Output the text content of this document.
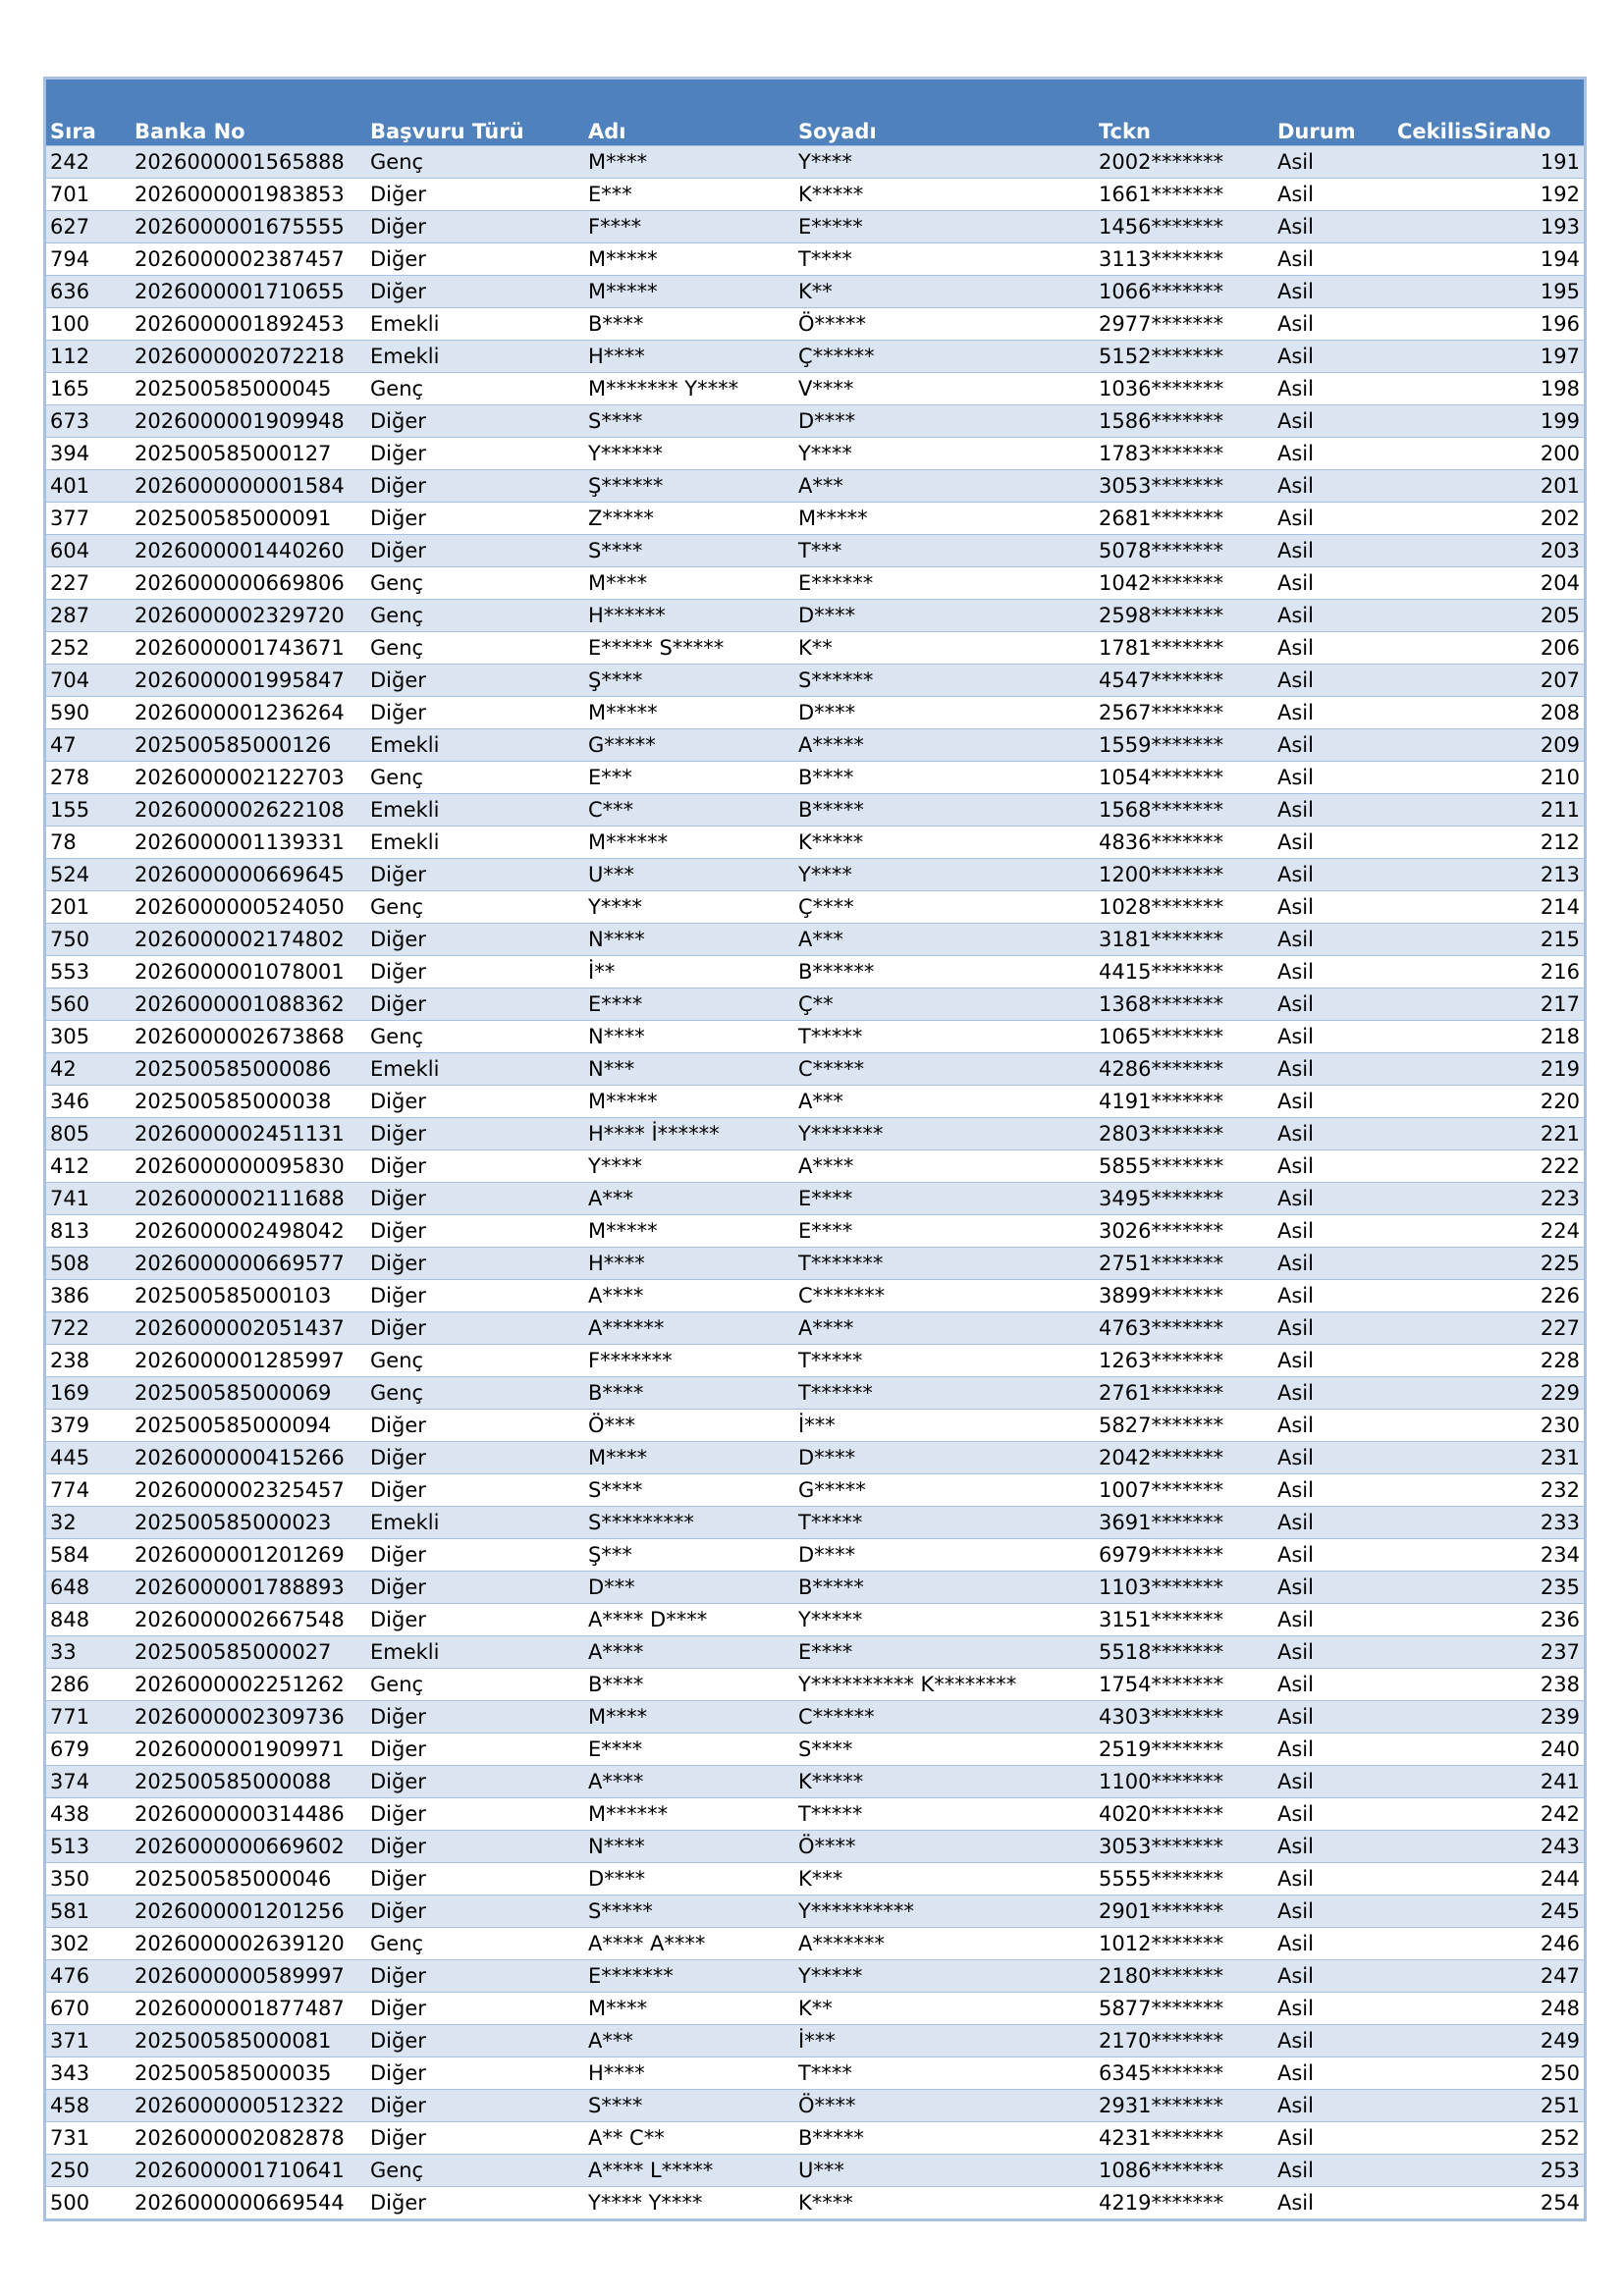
Sıra	Banka No	Başvuru Türü	Adı	Soyadı	Tckn	Durum	CekilisSiraNo
242	2026000001565888	Genç	M****	Y****	2002*******	Asil	191
701	2026000001983853	Diğer	E***	K*****	1661*******	Asil	192
627	2026000001675555	Diğer	F****	E*****	1456*******	Asil	193
794	2026000002387457	Diğer	M*****	T****	3113*******	Asil	194
636	2026000001710655	Diğer	M*****	K**	1066*******	Asil	195
100	2026000001892453	Emekli	B****	Ö*****	2977*******	Asil	196
112	2026000002072218	Emekli	H****	Ç******	5152*******	Asil	197
165	202500585000045	Genç	M******* Y****	V****	1036*******	Asil	198
673	2026000001909948	Diğer	S****	D****	1586*******	Asil	199
394	202500585000127	Diğer	Y******	Y****	1783*******	Asil	200
401	2026000000001584	Diğer	Ş******	A***	3053*******	Asil	201
377	202500585000091	Diğer	Z*****	M*****	2681*******	Asil	202
604	2026000001440260	Diğer	S****	T***	5078*******	Asil	203
227	2026000000669806	Genç	M****	E******	1042*******	Asil	204
287	2026000002329720	Genç	H******	D****	2598*******	Asil	205
252	2026000001743671	Genç	E***** S*****	K**	1781*******	Asil	206
704	2026000001995847	Diğer	Ş****	S******	4547*******	Asil	207
590	2026000001236264	Diğer	M*****	D****	2567*******	Asil	208
47	202500585000126	Emekli	G*****	A*****	1559*******	Asil	209
278	2026000002122703	Genç	E***	B****	1054*******	Asil	210
155	2026000002622108	Emekli	C***	B*****	1568*******	Asil	211
78	2026000001139331	Emekli	M******	K*****	4836*******	Asil	212
524	2026000000669645	Diğer	U***	Y****	1200*******	Asil	213
201	2026000000524050	Genç	Y****	Ç****	1028*******	Asil	214
750	2026000002174802	Diğer	N****	A***	3181*******	Asil	215
553	2026000001078001	Diğer	İ**	B******	4415*******	Asil	216
560	2026000001088362	Diğer	E****	Ç**	1368*******	Asil	217
305	2026000002673868	Genç	N****	T*****	1065*******	Asil	218
42	202500585000086	Emekli	N***	C*****	4286*******	Asil	219
346	202500585000038	Diğer	M*****	A***	4191*******	Asil	220
805	2026000002451131	Diğer	H**** İ******	Y*******	2803*******	Asil	221
412	2026000000095830	Diğer	Y****	A****	5855*******	Asil	222
741	2026000002111688	Diğer	A***	E****	3495*******	Asil	223
813	2026000002498042	Diğer	M*****	E****	3026*******	Asil	224
508	2026000000669577	Diğer	H****	T*******	2751*******	Asil	225
386	202500585000103	Diğer	A****	C*******	3899*******	Asil	226
722	2026000002051437	Diğer	A******	A****	4763*******	Asil	227
238	2026000001285997	Genç	F*******	T*****	1263*******	Asil	228
169	202500585000069	Genç	B****	T******	2761*******	Asil	229
379	202500585000094	Diğer	Ö***	İ***	5827*******	Asil	230
445	2026000000415266	Diğer	M****	D****	2042*******	Asil	231
774	2026000002325457	Diğer	S****	G*****	1007*******	Asil	232
32	202500585000023	Emekli	S*********	T*****	3691*******	Asil	233
584	2026000001201269	Diğer	Ş***	D****	6979*******	Asil	234
648	2026000001788893	Diğer	D***	B*****	1103*******	Asil	235
848	2026000002667548	Diğer	A**** D****	Y*****	3151*******	Asil	236
33	202500585000027	Emekli	A****	E****	5518*******	Asil	237
286	2026000002251262	Genç	B****	Y********** K********	1754*******	Asil	238
771	2026000002309736	Diğer	M****	C******	4303*******	Asil	239
679	2026000001909971	Diğer	E****	S****	2519*******	Asil	240
374	202500585000088	Diğer	A****	K*****	1100*******	Asil	241
438	2026000000314486	Diğer	M******	T*****	4020*******	Asil	242
513	2026000000669602	Diğer	N****	Ö****	3053*******	Asil	243
350	202500585000046	Diğer	D****	K***	5555*******	Asil	244
581	2026000001201256	Diğer	S*****	Y**********	2901*******	Asil	245
302	2026000002639120	Genç	A**** A****	A*******	1012*******	Asil	246
476	2026000000589997	Diğer	E*******	Y*****	2180*******	Asil	247
670	2026000001877487	Diğer	M****	K**	5877*******	Asil	248
371	202500585000081	Diğer	A***	İ***	2170*******	Asil	249
343	202500585000035	Diğer	H****	T****	6345*******	Asil	250
458	2026000000512322	Diğer	S****	Ö****	2931*******	Asil	251
731	2026000002082878	Diğer	A** C**	B*****	4231*******	Asil	252
250	2026000001710641	Genç	A**** L*****	U***	1086*******	Asil	253
500	2026000000669544	Diğer	Y**** Y****	K****	4219*******	Asil	254
